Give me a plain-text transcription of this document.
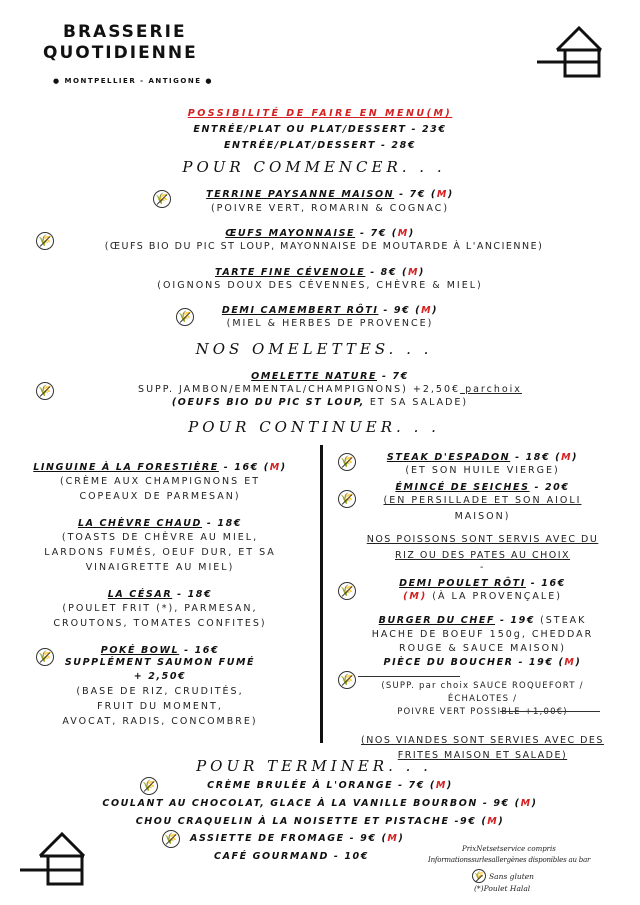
BRASSERIE
QUOTIDIENNE
● MONTPELLIER - ANTIGONE ●
POSSIBILITÉ DE FAIRE EN MENU(M)
ENTRÉE/PLAT OU PLAT/DESSERT - 23€
ENTRÉE/PLAT/DESSERT - 28€
POUR COMMENCER. . .
🌾	TERRINE PAYSANNE MAISON - 7€ (M)
(POIVRE VERT, ROMARIN & COGNAC)
🌾
ŒUFS MAYONNAISE - 7€ (M)
(ŒUFS BIO DU PIC ST LOUP, MAYONNAISE DE MOUTARDE À L'ANCIENNE)
TARTE FINE CÉVENOLE - 8€ (M)
(OIGNONS DOUX DES CÉVENNES, CHÈVRE & MIEL)
🌾	DEMI CAMEMBERT RÔTI - 9€ (M)
(MIEL & HERBES DE PROVENCE)
NOS OMELETTES. . .
🌾
OMELETTE NATURE - 7€
SUPP. JAMBON/EMMENTAL/CHAMPIGNONS) +2,50€ parchoix
(OEUFS BIO DU PIC ST LOUP, ET SA SALADE)
POUR CONTINUER. . .
LINGUINE À LA FORESTIÈRE - 16€ (M)
(CRÈME AUX CHAMPIGNONS ET
COPEAUX DE PARMESAN)
LA CHÈVRE CHAUD - 18€
(TOASTS DE CHÈVRE AU MIEL,
LARDONS FUMÉS, OEUF DUR, ET SA
VINAIGRETTE AU MIEL)
LA CÉSAR - 18€
(POULET FRIT (*), PARMESAN,
CROUTONS, TOMATES CONFITES)
POKÉ BOWL - 16€
SUPPLÉMENT SAUMON FUMÉ
+ 2,50€
(BASE DE RIZ, CRUDITÉS,
FRUIT DU MOMENT,
AVOCAT, RADIS, CONCOMBRE)
🌾
🌾
🌾
🌾
🌾
STEAK D'ESPADON - 18€ (M)
(ET SON HUILE VIERGE)
ÉMINCÉ DE SEICHES - 20€
(EN PERSILLADE ET SON AIOLI
MAISON)
NOS POISSONS SONT SERVIS AVEC DU
RIZ OU DES PATES AU CHOIX
-
DEMI POULET RÔTI - 16€
(M) (À LA PROVENÇALE)
BURGER DU CHEF - 19€ (STEAK
HACHE DE BOEUF 150g, CHEDDAR
ROUGE & SAUCE MAISON)
PIÈCE DU BOUCHER - 19€ (M)
(SUPP. par choix SAUCE ROQUEFORT /
ÉCHALOTES /
POIVRE VERT POSSIBLE +1,00€)
(NOS VIANDES SONT SERVIES AVEC DES
FRITES MAISON ET SALADE)
POUR TERMINER. . .
🌾	CRÈME BRULÉE À L'ORANGE - 7€ (M)
COULANT AU CHOCOLAT, GLACE À LA VANILLE BOURBON - 9€ (M)
CHOU CRAQUELIN À LA NOISETTE ET PISTACHE -9€ (M)
🌾 ASSIETTE DE FROMAGE - 9€ (M)
CAFÉ GOURMAND - 10€
PrixNetsetservice compris
Informationssurlesallergènes disponibles au bar
🌾 Sans gluten
(*)Poulet Halal
